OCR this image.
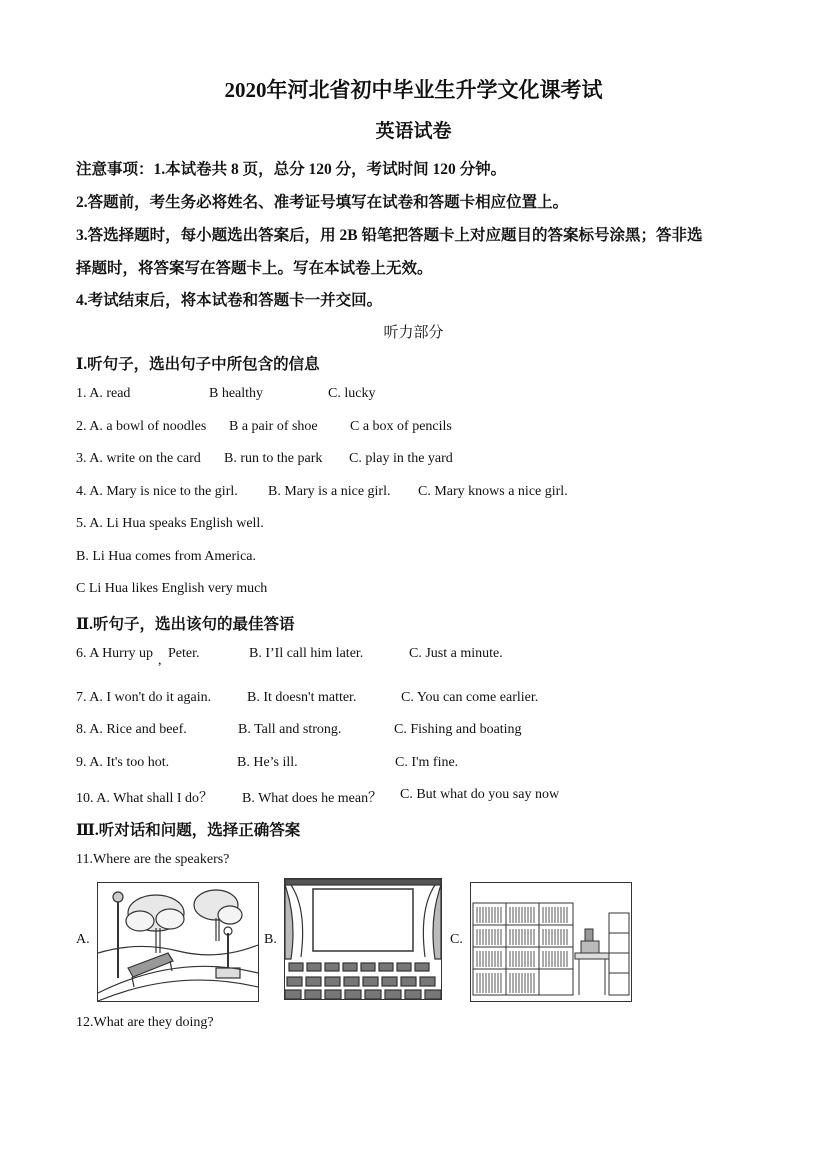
2020年河北省初中毕业生升学文化课考试
英语试卷
注意事项：1.本试卷共 8 页，总分 120 分，考试时间 120 分钟。
2.答题前，考生务必将姓名、准考证号填写在试卷和答题卡相应位置上。
3.答选择题时，每小题选出答案后，用 2B 铅笔把答题卡上对应题目的答案标号涂黑；答非选
择题时，将答案写在答题卡上。写在本试卷上无效。
4.考试结束后，将本试卷和答题卡一并交回。
听力部分
Ⅰ.听句子，选出句子中所包含的信息
1. A. read	B healthy	C. lucky
2. A. a bowl of noodles B a pair of shoe C a box of pencils
3. A. write on the card B. run to the park C. play in the yard
4. A. Mary is nice to the girl. B. Mary is a nice girl. C. Mary knows a nice girl.
5. A. Li Hua speaks English well.
B. Li Hua comes from America.
C Li Hua likes English very much
Ⅱ.听句子，选出该句的最佳答语
6. A Hurry up , Peter.	B. I’Il call him later.	C. Just a minute.
7. A. I won't do it again.	B. It doesn't matter.	C. You can come earlier.
8. A. Rice and beef.	B. Tall and strong.	C. Fishing and boating
9. A. It's too hot.	B. He’s ill.	C. I'm fine.
10. A. What shall I do？ B. What does he mean？ C. But what do you say now
Ⅲ.听对话和问题，选择正确答案
11.Where are the speakers?
A.	B.	C.
12.What are they doing?
